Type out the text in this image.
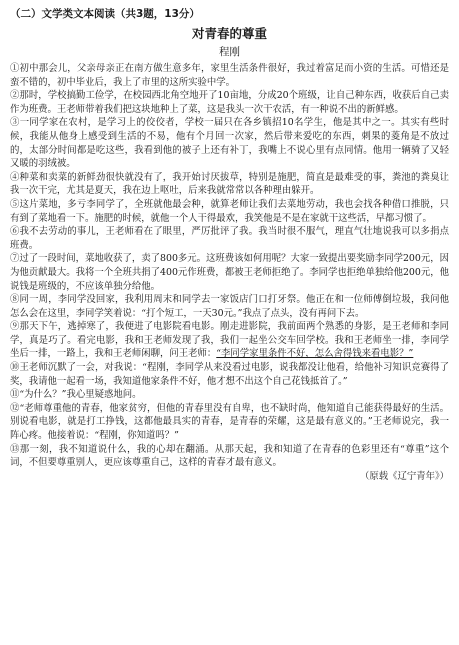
（二）文学类文本阅读（共3题，13分）
对青春的尊重
程刚

①初中那会儿，父亲母亲正在南方做生意多年，家里生活条件很好，我过着富足而小资的生活。可惜还是蛮不错的，初中毕业后，我上了市里的这所实验中学。

②那时，学校搞勤工俭学，在校园西北角空地开了10亩地，分成20个班级，让自己种东西，收获后自己卖作为班费。王老师带着我们把这块地种上了菜，这是我头一次干农活，有一种说不出的新鲜感。

③一同学家在农村，是学习上的佼佼者，学校一届只在各乡镇招10名学生，他是其中之一。其实有些时候，我能从他身上感受到生活的不易，他有个月回一次家，然后带来爱吃的东西，刺果的菱角是不放过的，太部分时间都是吃这些，我看到他的被子上还有补丁，我嘴上不说心里有点同情。他用一辆骑了又轻又暖的羽绒被。

④种菜和卖菜的新鲜劲很快就没有了，我开始讨厌拔草，特别是施肥，简直是最难受的事，粪池的粪臭让我一次干完，尤其是夏天，我在边上呕吐，后来我就常常以各种理由躲开。

⑤这片菜地，多亏李同学了，全班就他最会种，就算老师让我们去菜地劳动，我也会找各种借口推脱，只有到了菜地看一下。施肥的时候，就他一个人干得最欢，我笑他是不是在家就干这些活，早都习惯了。

⑥我不去劳动的事儿，王老师看在了眼里，严厉批评了我。我当时很不服气，理直气壮地说我可以多捐点班费。

⑦过了一段时间，菜地收获了，卖了800多元。这班费该如何用呢？大家一致提出要奖励李同学200元，因为他贡献最大。我将一个全班共捐了400元作班费，都被王老师拒绝了。李同学也拒绝单独给他200元，他说钱是班级的，不应该单独分给他。

⑧同一周，李同学没回家，我利用周末和同学去一家饭店门口打牙祭。他正在和一位师傅倒垃圾，我问他怎么会在这里，李同学笑着说：“打个短工，一天30元。”我点了点头，没有再问下去。

⑨那天下午，逃掉寒了，我便进了电影院看电影。刚走进影院，我前面两个熟悉的身影，是王老师和李同学，真是巧了。看完电影，我和王老师发现了我，我们一起坐公交车回学校。我和王老师坐一排，李同学坐后一排，一路上，我和王老师闲聊，问王老师：“李同学家里条件不好，怎么舍得钱来看电影？”

⑩王老师沉默了一会，对我说：“程刚，李同学从来没看过电影，说我都没让他看，给他补习知识竞赛得了奖，我请他一起看一场，我知道他家条件不好，他才想不出这个自己花钱抵首了。”

⑪“为什么？”我心里疑惑地问。

⑫“老师尊重他的青春，他家贫穷，但他的青春里没有自卑，也不缺时尚，他知道自己能获得最好的生活。别说看电影，就是打工挣钱，这都他最具实的青春，是青春的荣耀，这是最有意义的。”王老师说完，我一阵心疼。他接着说：“程刚，你知道吗？”

⑬那一刻，我不知道说什么，我的心却在翻涌。从那天起，我和知道了在青春的色彩里还有“尊重”这个词，不但要尊重别人，更应该尊重自己，这样的青春才最有意义。

（原载《辽宁青年》）
